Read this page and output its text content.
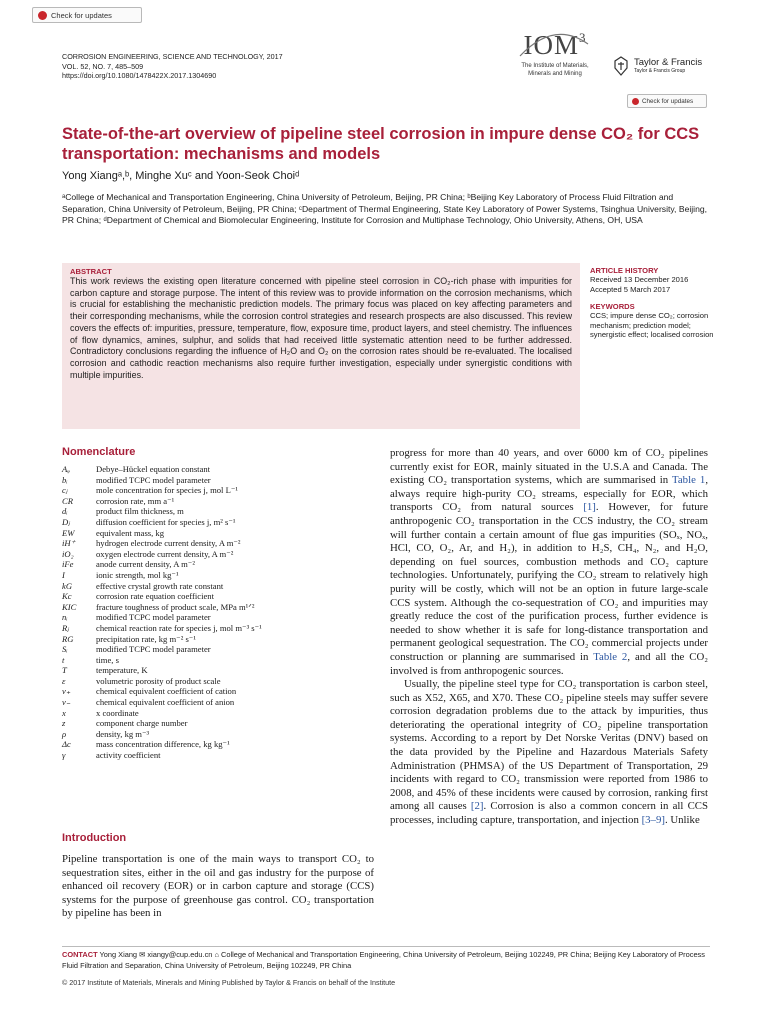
Check for updates
CORROSION ENGINEERING, SCIENCE AND TECHNOLOGY, 2017
VOL. 52, NO. 7, 485–509
https://doi.org/10.1080/1478422X.2017.1304690
IOM$^3$
The Institute of Materials,
Minerals and Mining
Taylor & Francis
Taylor & Francis Group
Check for updates
State-of-the-art overview of pipeline steel corrosion in impure dense CO₂ for CCS transportation: mechanisms and models
Yong Xiangᵃ,ᵇ, Minghe Xuᶜ and Yoon-Seok Choiᵈ
ᵃCollege of Mechanical and Transportation Engineering, China University of Petroleum, Beijing, PR China; ᵇBeijing Key Laboratory of Process Fluid Filtration and Separation, China University of Petroleum, Beijing, PR China; ᶜDepartment of Thermal Engineering, State Key Laboratory of Power Systems, Tsinghua University, Beijing, PR China; ᵈDepartment of Chemical and Biomolecular Engineering, Institute for Corrosion and Multiphase Technology, Ohio University, Athens, OH, USA
ABSTRACT
This work reviews the existing open literature concerned with pipeline steel corrosion in CO₂-rich phase with impurities for carbon capture and storage purpose. The intent of this review was to provide information on the corrosion mechanisms, which is crucial for establishing the mechanistic prediction models. The primary focus was placed on key affecting parameters and their corresponding mechanisms, while the corrosion control strategies and research prospects are also discussed. This review covers the effects of: impurities, pressure, temperature, flow, exposure time, product layers, and steel chemistry. The influences of flow dynamics, amines, sulphur, and solids that had received little systematic attention need to be further addressed. Contradictory conclusions regarding the influence of H₂O and O₂ on the corrosion rates should be re-evaluated. The localised corrosion and cathodic reaction mechanisms also require further investigation, especially under synergistic conditions with multiple impurities.
ARTICLE HISTORY
Received 13 December 2016
Accepted 5 March 2017
KEYWORDS
CCS; impure dense CO₂; corrosion mechanism; prediction model; synergistic effect; localised corrosion
Nomenclature
Aᵩ	Debye–Hückel equation constant
bᵢ	modified TCPC model parameter
cⱼ	mole concentration for species j, mol L⁻¹
CR	corrosion rate, mm a⁻¹
dᵢ	product film thickness, m
Dⱼ	diffusion coefficient for species j, m² s⁻¹
EW	equivalent mass, kg
iH⁺	hydrogen electrode current density, A m⁻²
iO₂	oxygen electrode current density, A m⁻²
iFe	anode current density, A m⁻²
I	ionic strength, mol kg⁻¹
kG	effective crystal growth rate constant
Kc	corrosion rate equation coefficient
KIC	fracture toughness of product scale, MPa m¹ᐟ²
nᵢ	modified TCPC model parameter
Rⱼ	chemical reaction rate for species j, mol m⁻³ s⁻¹
RG	precipitation rate, kg m⁻² s⁻¹
Sᵢ	modified TCPC model parameter
t	time, s
T	temperature, K
ε	volumetric porosity of product scale
v₊	chemical equivalent coefficient of cation
v₋	chemical equivalent coefficient of anion
x	x coordinate
z	component charge number
ρ	density, kg m⁻³
Δc	mass concentration difference, kg kg⁻¹
γ	activity coefficient
Introduction

Pipeline transportation is one of the main ways to transport CO₂ to sequestration sites, either in the oil and gas industry for the purpose of enhanced oil recovery (EOR) or in carbon capture and storage (CCS) systems for the purpose of greenhouse gas control. CO₂ transportation by pipeline has been in

progress for more than 40 years, and over 6000 km of CO₂ pipelines currently exist for EOR, mainly situated in the U.S.A and Canada. The existing CO₂ transportation systems, which are summarised in Table 1, always require high-purity CO₂ streams, especially for EOR, which transports CO₂ from natural sources [1]. However, for future anthropogenic CO₂ transportation in the CCS industry, the CO₂ stream will further contain a certain amount of flue gas impurities (SOₓ, NOₓ, HCl, CO, O₂, Ar, and H₂), in addition to H₂S, CH₄, N₂, and H₂O, depending on fuel sources, combustion methods and CO₂ capture technologies. Unfortunately, purifying the CO₂ stream to relatively high purity will be costly, which will not be an option in future large-scale CCS system. Although the co-sequestration of CO₂ and impurities may greatly reduce the cost of the purification process, further evidence is needed to show whether it is safe for long-distance transportation and permanent geological sequestration. The CO₂ commercial projects under construction or planning are summarised in Table 2, and all the CO₂ involved is from anthropogenic sources.

Usually, the pipeline steel type for CO₂ transportation is carbon steel, such as X52, X65, and X70. These CO₂ pipeline steels may suffer severe corrosion degradation problems due to the attack by impurities, thus deteriorating the operational integrity of CO₂ pipeline transportation systems. According to a report by Det Norske Veritas (DNV) based on the data provided by the Pipeline and Hazardous Materials Safety Administration (PHMSA) of the US Department of Transportation, 29 incidents with regard to CO₂ transmission were reported from 1986 to 2008, and 45% of these incidents were caused by corrosion, ranking first among all causes [2]. Corrosion is also a common concern in all CCS processes, including capture, transportation, and injection [3–9]. Unlike

CONTACT Yong Xiang ✉ xiangy@cup.edu.cn ⌂ College of Mechanical and Transportation Engineering, China University of Petroleum, Beijing 102249, PR China; Beijing Key Laboratory of Process Fluid Filtration and Separation, China University of Petroleum, Beijing 102249, PR China
© 2017 Institute of Materials, Minerals and Mining Published by Taylor & Francis on behalf of the Institute
